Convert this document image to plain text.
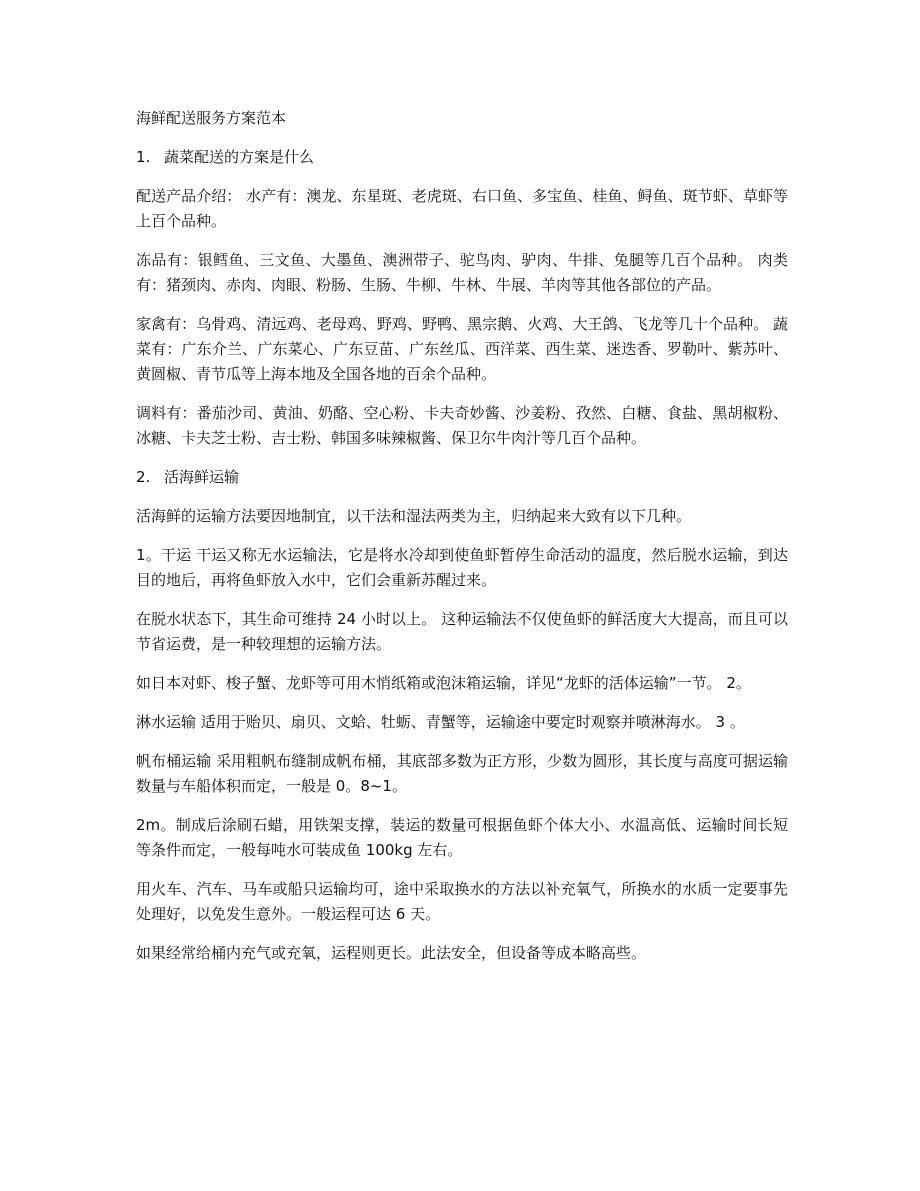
海鲜配送服务方案范本
1. 蔬菜配送的方案是什么

配送产品介绍： 水产有：澳龙、东星斑、老虎斑、右口鱼、多宝鱼、桂鱼、鲟鱼、斑节虾、草虾等上百个品种。

冻品有：银鳕鱼、三文鱼、大墨鱼、澳洲带子、驼鸟肉、驴肉、牛排、兔腿等几百个品种。 肉类有：猪颈肉、赤肉、肉眼、粉肠、生肠、牛柳、牛林、牛展、羊肉等其他各部位的产品。

家禽有：乌骨鸡、清远鸡、老母鸡、野鸡、野鸭、黑宗鹅、火鸡、大王鸽、飞龙等几十个品种。 蔬菜有：广东介兰、广东菜心、广东豆苗、广东丝瓜、西洋菜、西生菜、迷迭香、罗勒叶、紫苏叶、黄圆椒、青节瓜等上海本地及全国各地的百余个品种。

调料有：番茄沙司、黄油、奶酪、空心粉、卡夫奇妙酱、沙姜粉、孜然、白糖、食盐、黑胡椒粉、冰糖、卡夫芝士粉、吉士粉、韩国多味辣椒酱、保卫尔牛肉汁等几百个品种。

2. 活海鲜运输

活海鲜的运输方法要因地制宜，以干法和湿法两类为主，归纳起来大致有以下几种。

1。干运 干运又称无水运输法，它是将水冷却到使鱼虾暂停生命活动的温度，然后脱水运输，到达目的地后，再将鱼虾放入水中，它们会重新苏醒过来。

在脱水状态下，其生命可维持 24 小时以上。 这种运输法不仅使鱼虾的鲜活度大大提高，而且可以节省运费，是一种较理想的运输方法。

如日本对虾、梭子蟹、龙虾等可用木悄纸箱或泡沫箱运输，详见“龙虾的活体运输”一节。 2。

淋水运输 适用于贻贝、扇贝、文蛤、牡蛎、青蟹等，运输途中要定时观察并喷淋海水。 3 。

帆布桶运输 采用粗帆布缝制成帆布桶，其底部多数为正方形，少数为圆形，其长度与高度可据运输数量与车船体积而定，一般是 0。8~1。

2m。制成后涂刷石蜡，用铁架支撑，装运的数量可根据鱼虾个体大小、水温高低、运输时间长短等条件而定，一般每吨水可装成鱼 100kg 左右。

用火车、汽车、马车或船只运输均可，途中采取换水的方法以补充氧气，所换水的水质一定要事先处理好，以免发生意外。一般运程可达 6 天。

如果经常给桶内充气或充氧，运程则更长。此法安全，但设备等成本略高些。
